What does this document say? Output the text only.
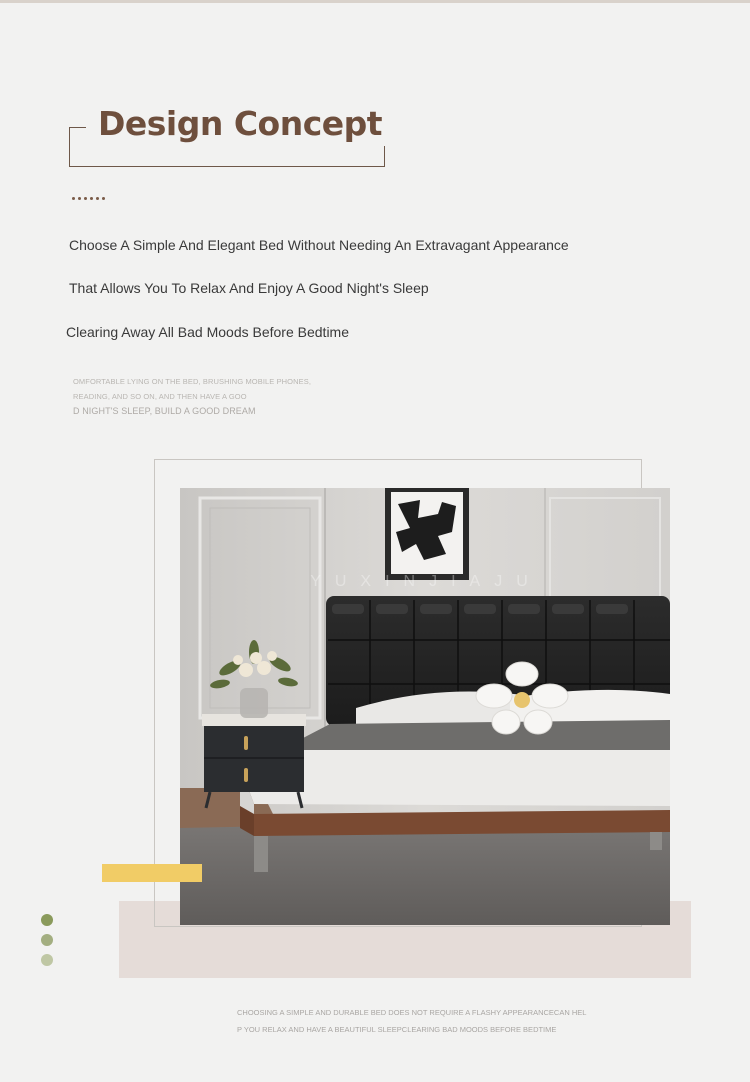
Design Concept
Choose A Simple And Elegant Bed Without Needing An Extravagant Appearance
That Allows You To Relax And Enjoy A Good Night's Sleep
Clearing Away All Bad Moods Before Bedtime
OMFORTABLE LYING ON THE BED, BRUSHING MOBILE PHONES,
READING, AND SO ON, AND THEN HAVE A GOO
D NIGHT'S SLEEP, BUILD A GOOD DREAM
YUXINJIAJU
CHOOSING A SIMPLE AND DURABLE BED DOES NOT REQUIRE A FLASHY APPEARANCECAN HEL
P YOU RELAX AND HAVE A BEAUTIFUL SLEEPCLEARING BAD MOODS BEFORE BEDTIME
